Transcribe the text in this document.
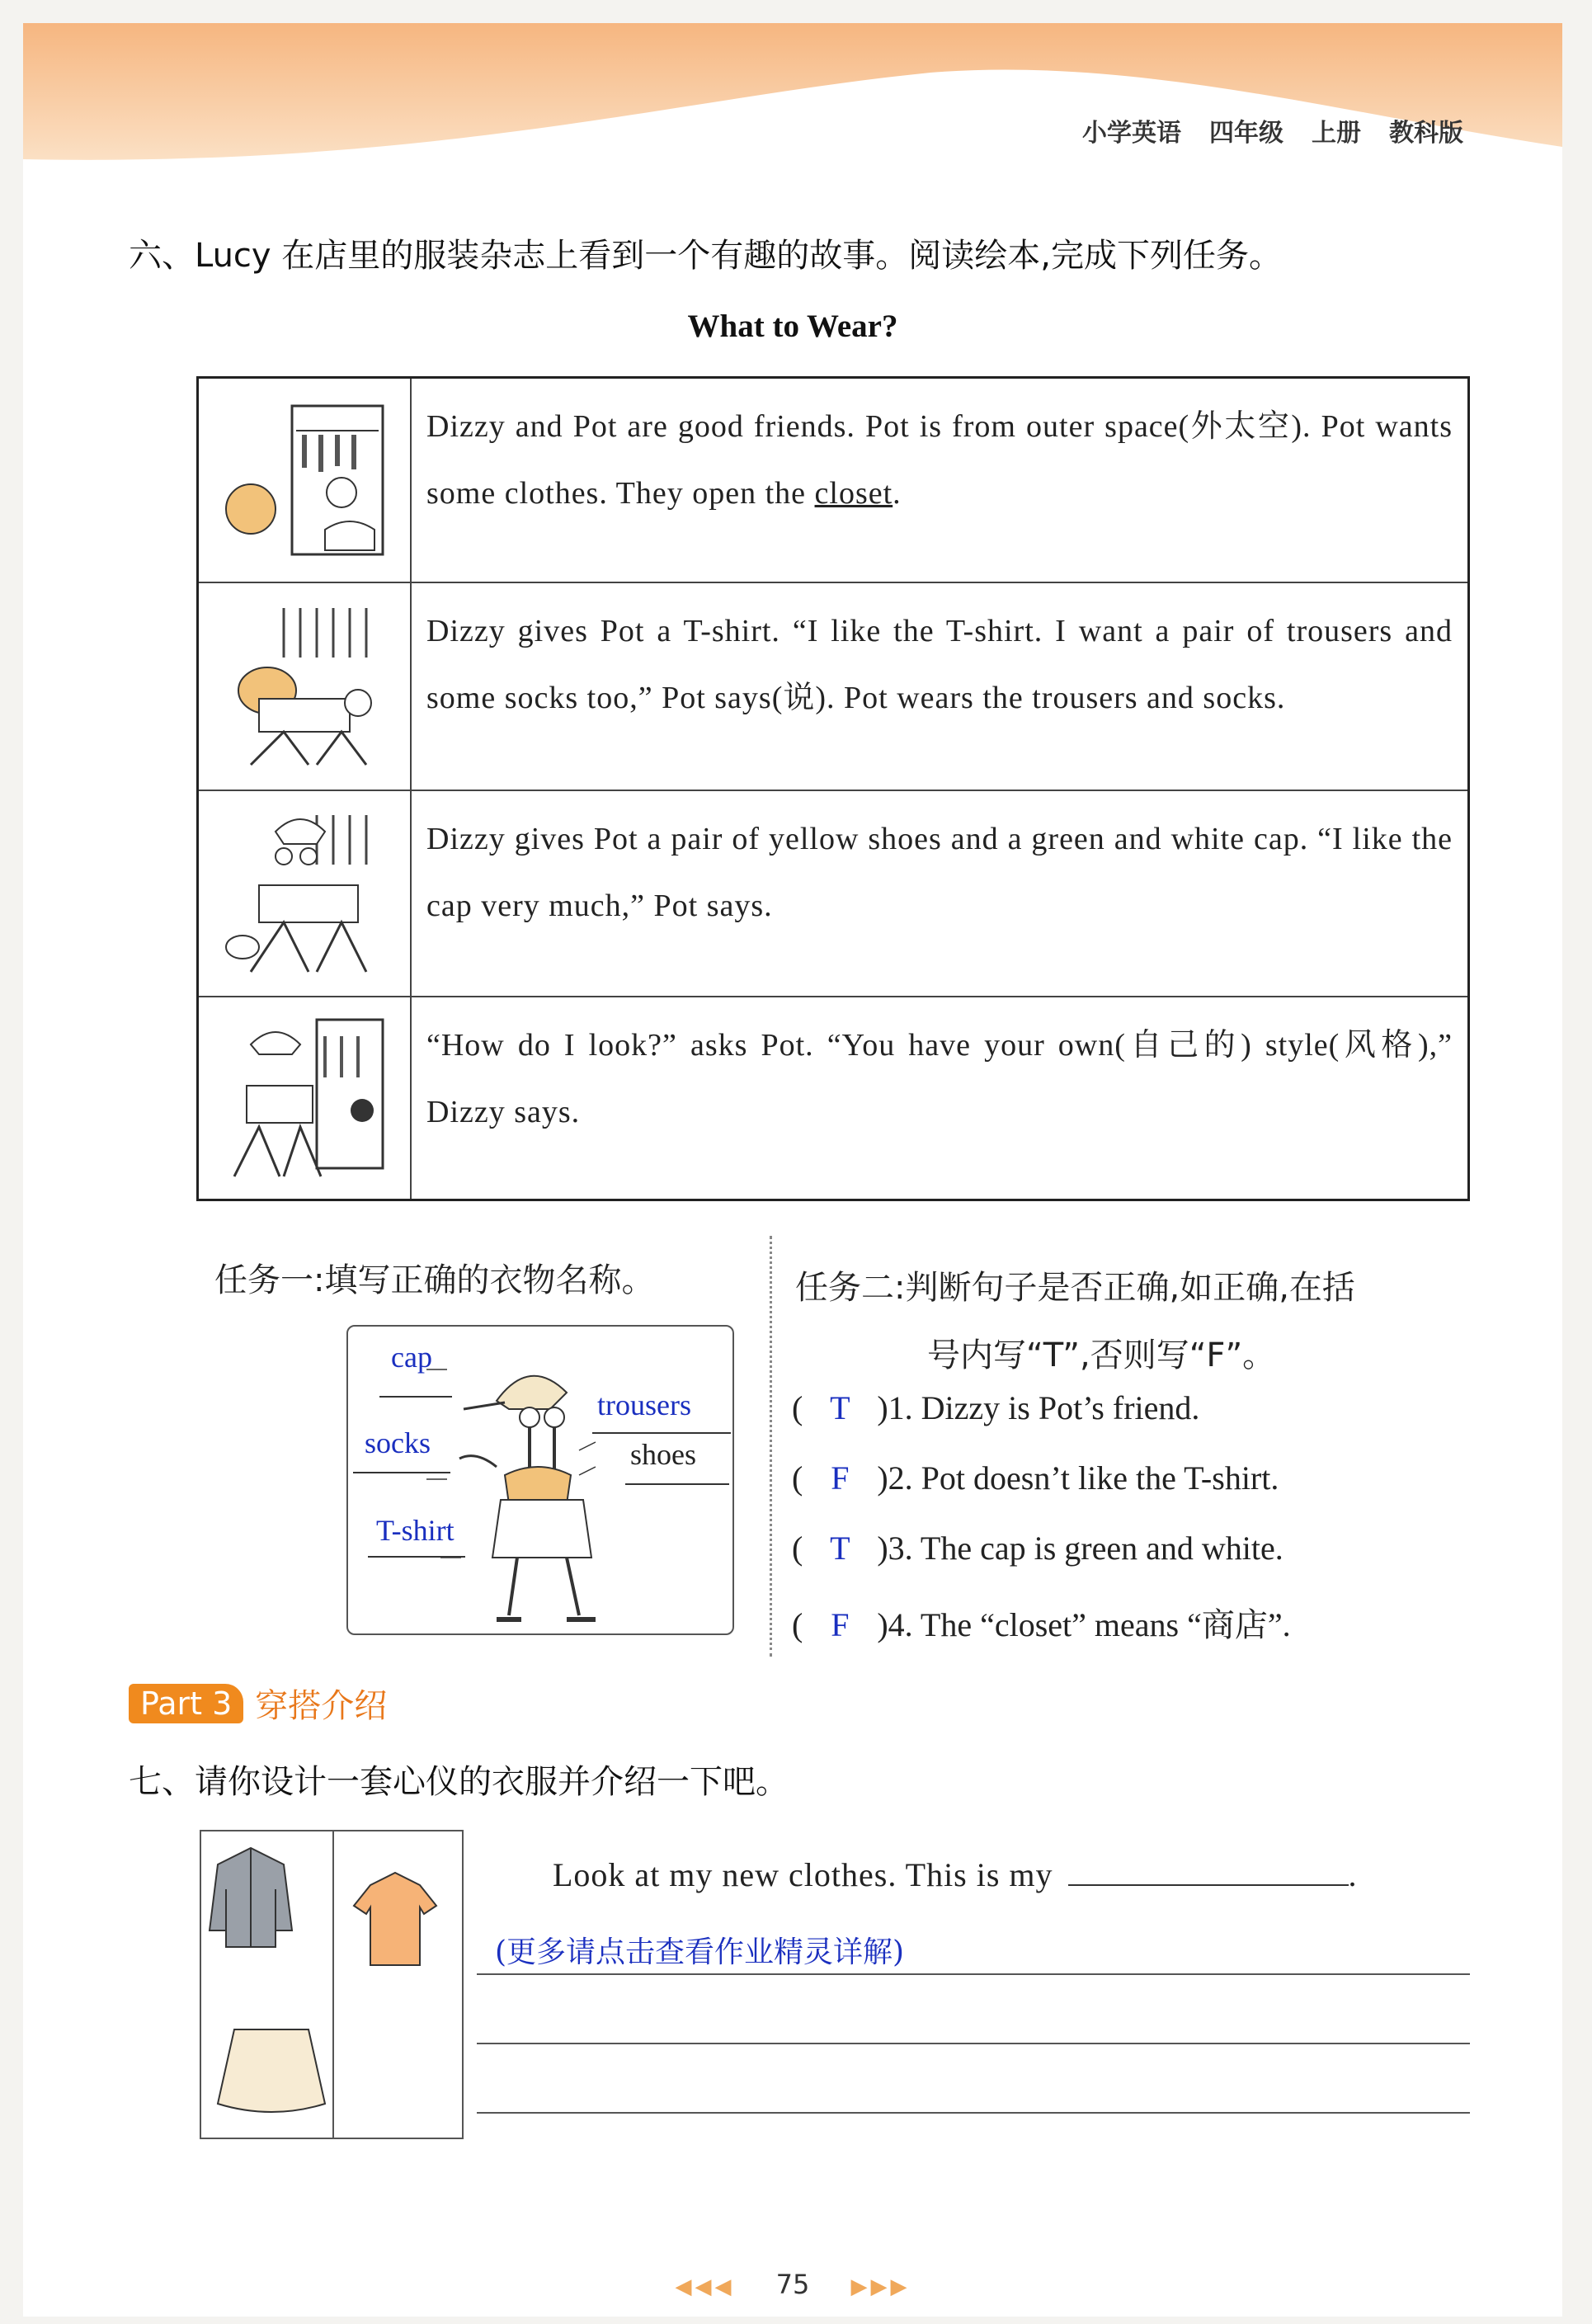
小学英语 四年级 上册 教科版
六、Lucy 在店里的服装杂志上看到一个有趣的故事。阅读绘本,完成下列任务。
What to Wear?
Dizzy and Pot are good friends. Pot is from outer space(外太空). Pot wants some clothes. They open the closet.
Dizzy gives Pot a T-shirt. “I like the T-shirt. I want a pair of trousers and some socks too,” Pot says(说). Pot wears the trousers and socks.
Dizzy gives Pot a pair of yellow shoes and a green and white cap. “I like the cap very much,” Pot says.
“How do I look?” asks Pot. “You have your own(自己的) style(风格),” Dizzy says.
任务一:填写正确的衣物名称。
cap
trousers
socks	shoes
T-shirt
任务二:判断句子是否正确,如正确,在括
号内写“T”,否则写“F”。
( T )1. Dizzy is Pot’s friend.
( F )2. Pot doesn’t like the T-shirt.
( T )3. The cap is green and white.
( F )4. The “closet” means “商店”.
Part 3 穿搭介绍
七、请你设计一套心仪的衣服并介绍一下吧。
Look at my new clothes. This is my	.
(更多请点击查看作业精灵详解)
◀◀◀ 75 ▶▶▶
